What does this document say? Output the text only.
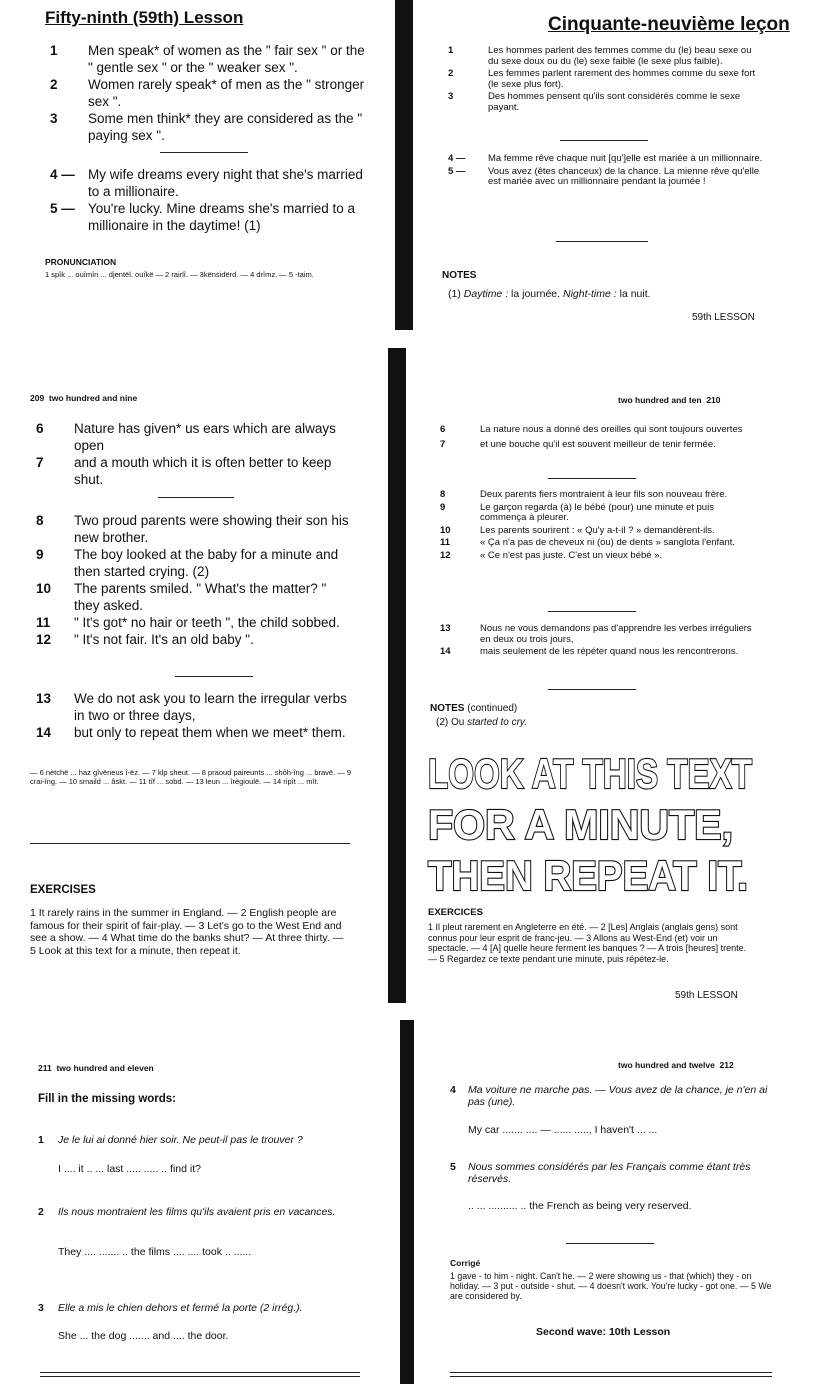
Fifty-ninth (59th) Lesson
1	Men speak* of women as the " fair sex " or the " gentle sex " or the " weaker sex ".
2	Women rarely speak* of men as the " stronger sex ".
3	Some men think* they are considered as the " paying sex ".
4 — My wife dreams every night that she's married to a millionaire.
5 — You're lucky. Mine dreams she's married to a millionaire in the daytime! (1)
PRONUNCIATION
1 spîk ... ouîmîn ... djentël. ouîkë — 2 rairlî. — 3kënsidërd. — 4 drîmz. — 5 -taim.
Cinquante-neuvième leçon
1	Les hommes parlent des femmes comme du (le) beau sexe ou du sexe doux ou du (le) sexe faible (le sexe plus faible).
2	Les femmes parlent rarement des hommes comme du sexe fort (le sexe plus fort).
3	Des hommes pensent qu'ils sont considérés comme le sexe payant.
4 —	Ma femme rêve chaque nuit [qu']elle est mariée à un millionnaire.
5 —	Vous avez (êtes chanceux) de la chance. La mienne rêve qu'elle est mariée avec un millionnaire pendant la journée !
NOTES
(1) Daytime : la journée. Night-time : la nuit.
59th LESSON
209 two hundred and nine
6	Nature has given* us ears which are always open
7	and a mouth which it is often better to keep shut.
8	Two proud parents were showing their son his new brother.
9	The boy looked at the baby for a minute and then started crying. (2)
10	The parents smiled. " What's the matter? " they asked.
11	" It's got* no hair or teeth ", the child sobbed.
12	" It's not fair. It's an old baby ".
13	We do not ask you to learn the irregular verbs in two or three days,
14	but only to repeat them when we meet* them.
— 6 nètchë ... haz gîvëneus î-ëz. — 7 klp sheut. — 8 praoud paireunts ... shôh-îng ... bravë. — 9 crai-îng. — 10 smaild ... âskt. — 11 tîf ... sobd. — 13 leun ... îrègioulë. — 14 ripît ... mît.
EXERCISES
1 It rarely rains in the summer in England. — 2 English people are famous for their spirit of fair-play. — 3 Let's go to the West End and see a show. — 4 What time do the banks shut? — At three thirty. — 5 Look at this text for a minute, then repeat it.
two hundred and ten 210
6	La nature nous a donné des oreilles qui sont toujours ouvertes
7	et une bouche qu'il est souvent meilleur de tenir fermée.
8	Deux parents fiers montraient à leur fils son nouveau frère.
9	Le garçon regarda (à) le bébé (pour) une minute et puis commença à pleurer.
10	Les parents sourirent : « Qu'y a-t-il ? » demandèrent-ils.
11	« Ça n'a pas de cheveux ni (ou) de dents » sanglota l'enfant.
12	« Ce n'est pas juste. C'est un vieux bébé ».
13	Nous ne vous demandons pas d'apprendre les verbes irréguliers en deux ou trois jours,
14	mais seulement de les répéter quand nous les rencontrerons.
NOTES (continued)
(2) Ou started to cry.
LOOK AT THIS TEXT
FOR A MINUTE,
THEN REPEAT IT.
EXERCICES
1 Il pleut rarement en Angleterre en été. — 2 [Les] Anglais (anglais gens) sont connus pour leur esprit de franc-jeu. — 3 Allons au West-End (et) voir un spectacle. — 4 [A] quelle heure ferment les banques ? — A trois [heures] trente. — 5 Regardez ce texte pendant une minute, puis répétez-le.
59th LESSON
211 two hundred and eleven
Fill in the missing words:
1	Je le lui ai donné hier soir. Ne peut-il pas le trouver ?
I .... it .. ... last ..... ..... .. find it?
2	Ils nous montraient les films qu'ils avaient pris en vacances.
They .... ....... .. the films .... .... took .. ......
3	Elle a mis le chien dehors et fermé la porte (2 irrég.).
She ... the dog ....... and .... the door.
two hundred and twelve 212
4	Ma voiture ne marche pas. — Vous avez de la chance, je n'en ai pas (une).
My car ....... .... — ...... ....., I haven't ... ...
5	Nous sommes considérés par les Français comme étant très réservés.
.. ... .......... .. the French as being very reserved.
Corrigé
1 gave - to him - night. Can't he. — 2 were showing us - that (which) they - on holiday. — 3 put - outside - shut. — 4 doesn't work. You're lucky - got one. — 5 We are considered by.
Second wave: 10th Lesson
